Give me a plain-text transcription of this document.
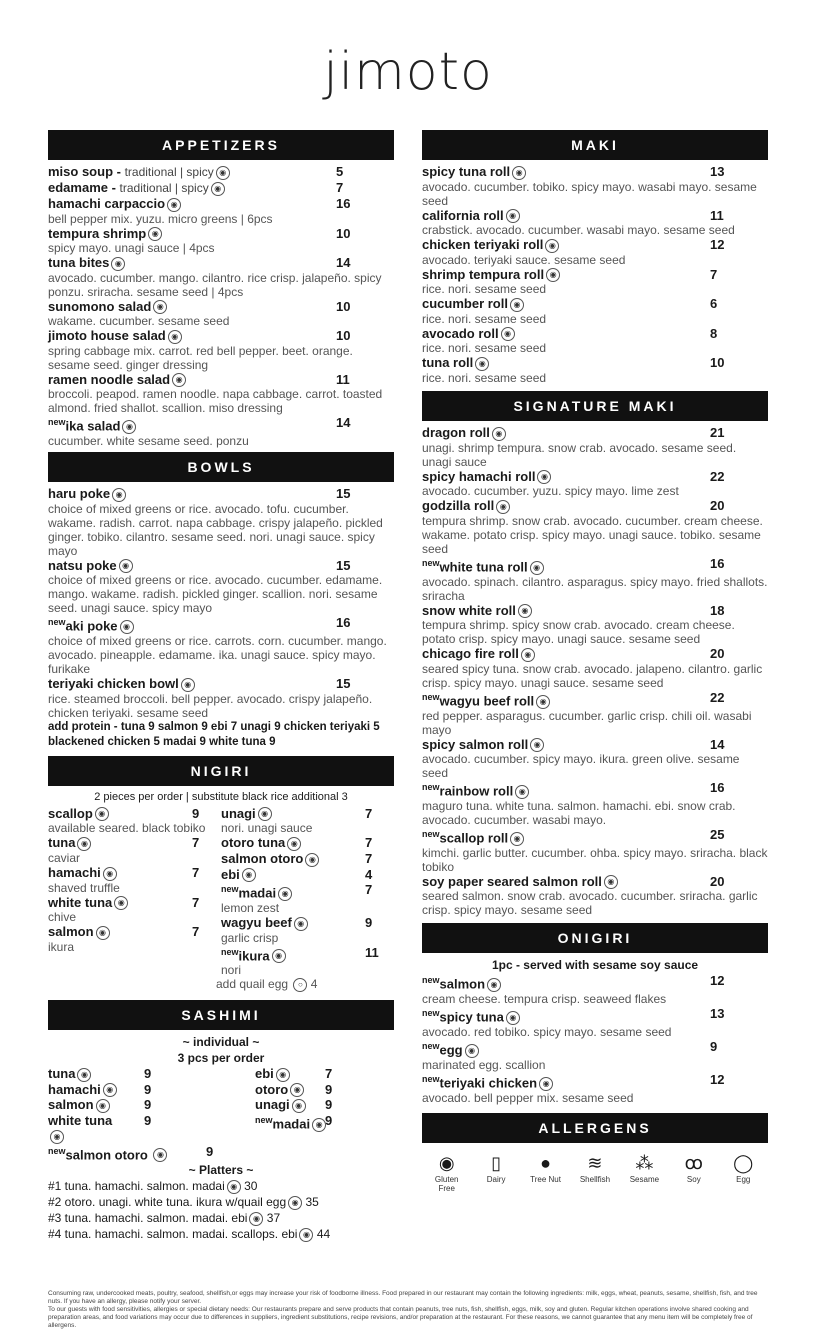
jimoto
APPETIZERS
miso soup - traditional | spicy ◉	5
edamame - traditional | spicy ◉	7
hamachi carpaccio ◉	16
bell pepper mix. yuzu. micro greens | 6pcs
tempura shrimp ◉	10
spicy mayo. unagi sauce | 4pcs
tuna bites ◉	14
avocado. cucumber. mango. cilantro. rice crisp. jalapeño. spicy ponzu. sriracha. sesame seed | 4pcs
sunomono salad ◉	10
wakame. cucumber. sesame seed
jimoto house salad ◉	10
spring cabbage mix. carrot. red bell pepper. beet. orange. sesame seed. ginger dressing
ramen noodle salad ◉	11
broccoli. peapod. ramen noodle. napa cabbage. carrot. toasted almond. fried shallot. scallion. miso dressing
$^{new}$ika salad ◉	14
cucumber. white sesame seed. ponzu
BOWLS
haru poke ◉	15
choice of mixed greens or rice. avocado. tofu. cucumber. wakame. radish. carrot. napa cabbage. crispy jalapeño. pickled ginger. tobiko. cilantro. sesame seed. nori. unagi sauce. spicy mayo
natsu poke ◉	15
choice of mixed greens or rice. avocado. cucumber. edamame. mango. wakame. radish. pickled ginger. scallion. nori. sesame seed. unagi sauce. spicy mayo
$^{new}$aki poke ◉	16
choice of mixed greens or rice. carrots. corn. cucumber. mango. avocado. pineapple. edamame. ika. unagi sauce. spicy mayo. furikake
teriyaki chicken bowl ◉	15
rice. steamed broccoli. bell pepper. avocado. crispy jalapeño. chicken teriyaki. sesame seed
add protein - tuna 9 salmon 9 ebi 7 unagi 9 chicken teriyaki 5 blackened chicken 5 madai 9 white tuna 9
NIGIRI
2 pieces per order | substitute black rice additional 3
scallop ◉	9
available seared. black tobiko
tuna ◉	7
caviar
hamachi ◉	7
shaved truffle
white tuna ◉	7
chive
salmon ◉	7
ikura
unagi ◉	7
nori. unagi sauce
otoro tuna ◉	7
salmon otoro ◉	7
ebi ◉	4
$^{new}$madai ◉	7
lemon zest
wagyu beef ◉	9
garlic crisp
$^{new}$ikura ◉	11
nori
add quail egg ○ 4
SASHIMI
~ individual ~
3 pcs per order
tuna ◉	9
hamachi ◉ 9
salmon ◉	9
white tuna◉
9
ebi ◉	7
otoro ◉ 9
unagi ◉ 9
$^{new}$madai ◉ 9
$^{new}$salmon otoro ◉	9
~ Platters ~
#1 tuna. hamachi. salmon. madai ◉ 30
#2 otoro. unagi. white tuna. ikura w/quail egg ◉ 35
#3 tuna. hamachi. salmon. madai. ebi ◉ 37
#4 tuna. hamachi. salmon. madai. scallops. ebi ◉ 44
MAKI
spicy tuna roll ◉	13
avocado. cucumber. tobiko. spicy mayo. wasabi mayo. sesame seed
california roll ◉	11
crabstick. avocado. cucumber. wasabi mayo. sesame seed
chicken teriyaki roll ◉	12
avocado. teriyaki sauce. sesame seed
shrimp tempura roll ◉	7
rice. nori. sesame seed
cucumber roll ◉	6
rice. nori. sesame seed
avocado roll ◉	8
rice. nori. sesame seed
tuna roll ◉	10
rice. nori. sesame seed
SIGNATURE MAKI
dragon roll ◉	21
unagi. shrimp tempura. snow crab. avocado. sesame seed. unagi sauce
spicy hamachi roll ◉	22
avocado. cucumber. yuzu. spicy mayo. lime zest
godzilla roll ◉	20
tempura shrimp. snow crab. avocado. cucumber. cream cheese. wakame. potato crisp. spicy mayo. unagi sauce. tobiko. sesame seed
$^{new}$white tuna roll ◉	16
avocado. spinach. cilantro. asparagus. spicy mayo. fried shallots. sriracha
snow white roll ◉	18
tempura shrimp. spicy snow crab. avocado. cream cheese. potato crisp. spicy mayo. unagi sauce. sesame seed
chicago fire roll ◉	20
seared spicy tuna. snow crab. avocado. jalapeno. cilantro. garlic crisp. spicy mayo. unagi sauce. sesame seed
$^{new}$wagyu beef roll ◉	22
red pepper. asparagus. cucumber. garlic crisp. chili oil. wasabi mayo
spicy salmon roll ◉	14
avocado. cucumber. spicy mayo. ikura. green olive. sesame seed
$^{new}$rainbow roll ◉	16
maguro tuna. white tuna. salmon. hamachi. ebi. snow crab. avocado. cucumber. wasabi mayo.
$^{new}$scallop roll ◉	25
kimchi. garlic butter. cucumber. ohba. spicy mayo. sriracha. black tobiko
soy paper seared salmon roll ◉	20
seared salmon. snow crab. avocado. cucumber. sriracha. garlic crisp. spicy mayo. sesame seed
ONIGIRI
1pc - served with sesame soy sauce
$^{new}$salmon ◉	12
cream cheese. tempura crisp. seaweed flakes
$^{new}$spicy tuna ◉	13
avocado. red tobiko. spicy mayo. sesame seed
$^{new}$egg ◉	9
marinated egg. scallion
$^{new}$teriyaki chicken ◉	12
avocado. bell pepper mix. sesame seed
ALLERGENS
◉
Gluten Free
▯
Dairy
●
Tree Nut
≋
Shellfish
⁂
Sesame
ꝏ
Soy
◯
Egg
Consuming raw, undercooked meats, poultry, seafood, shellfish,or eggs may increase your risk of foodborne illness. Food prepared in our restaurant may contain the following ingredients: milk, eggs, wheat, peanuts, sesame, shellfish, fish, and tree nuts. If you have an allergy, please notify your server.
To our guests with food sensitivities, allergies or special dietary needs: Our restaurants prepare and serve products that contain peanuts, tree nuts, fish, shellfish, eggs, milk, soy and gluten. Regular kitchen operations involve shared cooking and preparation areas, and food variations may occur due to differences in suppliers, ingredient substitutions, recipe revisions, and/or preparation at the restaurant. For these reasons, we cannot guarantee that any menu item will be completely free of allergens.
